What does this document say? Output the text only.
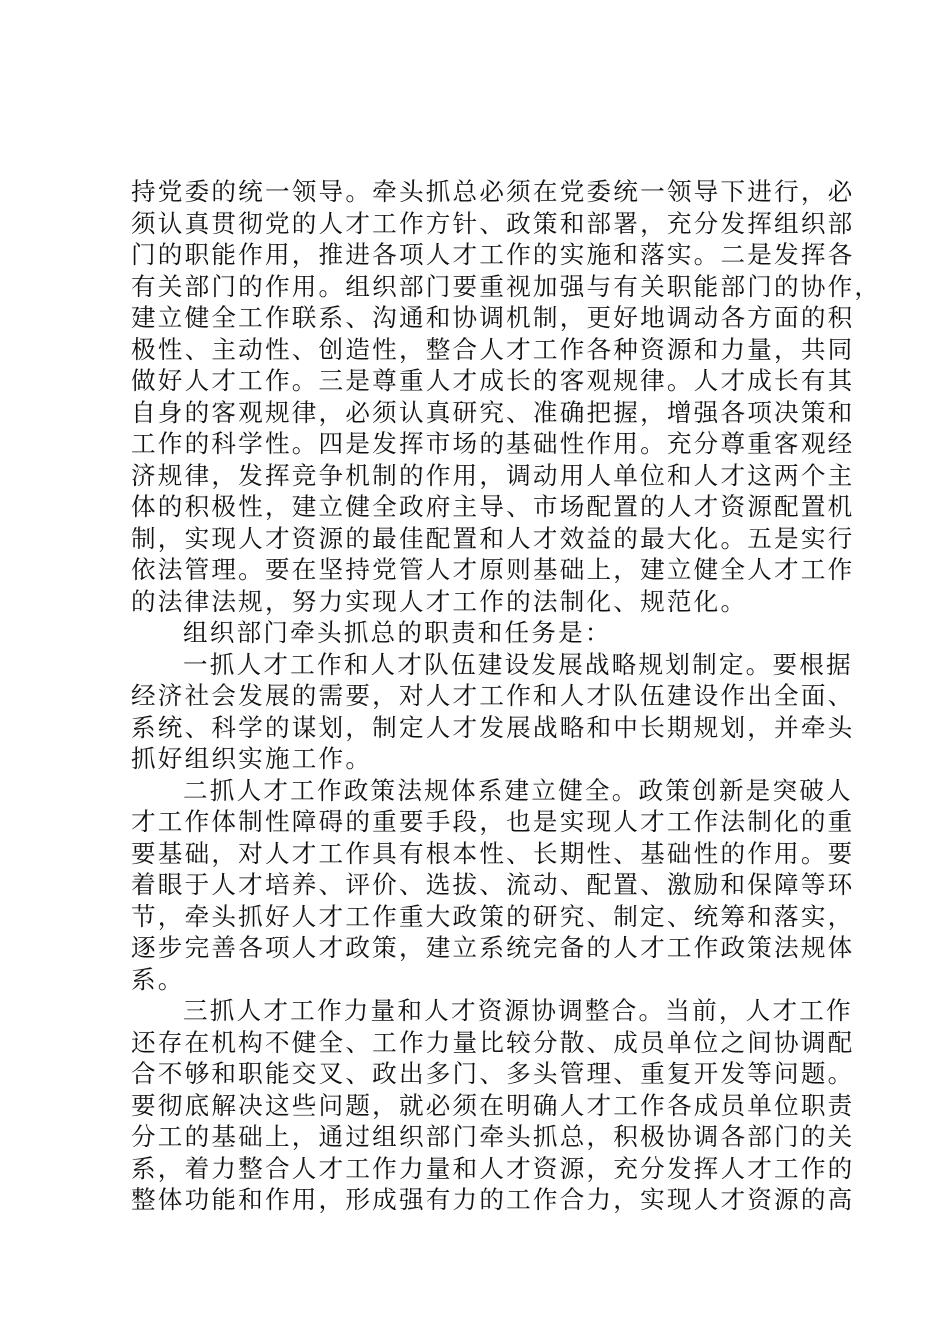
持党委的统一领导。牵头抓总必须在党委统一领导下进行，必
须认真贯彻党的人才工作方针、政策和部署，充分发挥组织部
门的职能作用，推进各项人才工作的实施和落实。二是发挥各
有关部门的作用。组织部门要重视加强与有关职能部门的协作，
建立健全工作联系、沟通和协调机制，更好地调动各方面的积
极性、主动性、创造性，整合人才工作各种资源和力量，共同
做好人才工作。三是尊重人才成长的客观规律。人才成长有其
自身的客观规律，必须认真研究、准确把握，增强各项决策和
工作的科学性。四是发挥市场的基础性作用。充分尊重客观经
济规律，发挥竞争机制的作用，调动用人单位和人才这两个主
体的积极性，建立健全政府主导、市场配置的人才资源配置机
制，实现人才资源的最佳配置和人才效益的最大化。五是实行
依法管理。要在坚持党管人才原则基础上，建立健全人才工作
的法律法规，努力实现人才工作的法制化、规范化。
组织部门牵头抓总的职责和任务是：
一抓人才工作和人才队伍建设发展战略规划制定。要根据
经济社会发展的需要，对人才工作和人才队伍建设作出全面、
系统、科学的谋划，制定人才发展战略和中长期规划，并牵头
抓好组织实施工作。
二抓人才工作政策法规体系建立健全。政策创新是突破人
才工作体制性障碍的重要手段，也是实现人才工作法制化的重
要基础，对人才工作具有根本性、长期性、基础性的作用。要
着眼于人才培养、评价、选拔、流动、配置、激励和保障等环
节，牵头抓好人才工作重大政策的研究、制定、统筹和落实，
逐步完善各项人才政策，建立系统完备的人才工作政策法规体
系。
三抓人才工作力量和人才资源协调整合。当前，人才工作
还存在机构不健全、工作力量比较分散、成员单位之间协调配
合不够和职能交叉、政出多门、多头管理、重复开发等问题。
要彻底解决这些问题，就必须在明确人才工作各成员单位职责
分工的基础上，通过组织部门牵头抓总，积极协调各部门的关
系，着力整合人才工作力量和人才资源，充分发挥人才工作的
整体功能和作用，形成强有力的工作合力，实现人才资源的高
